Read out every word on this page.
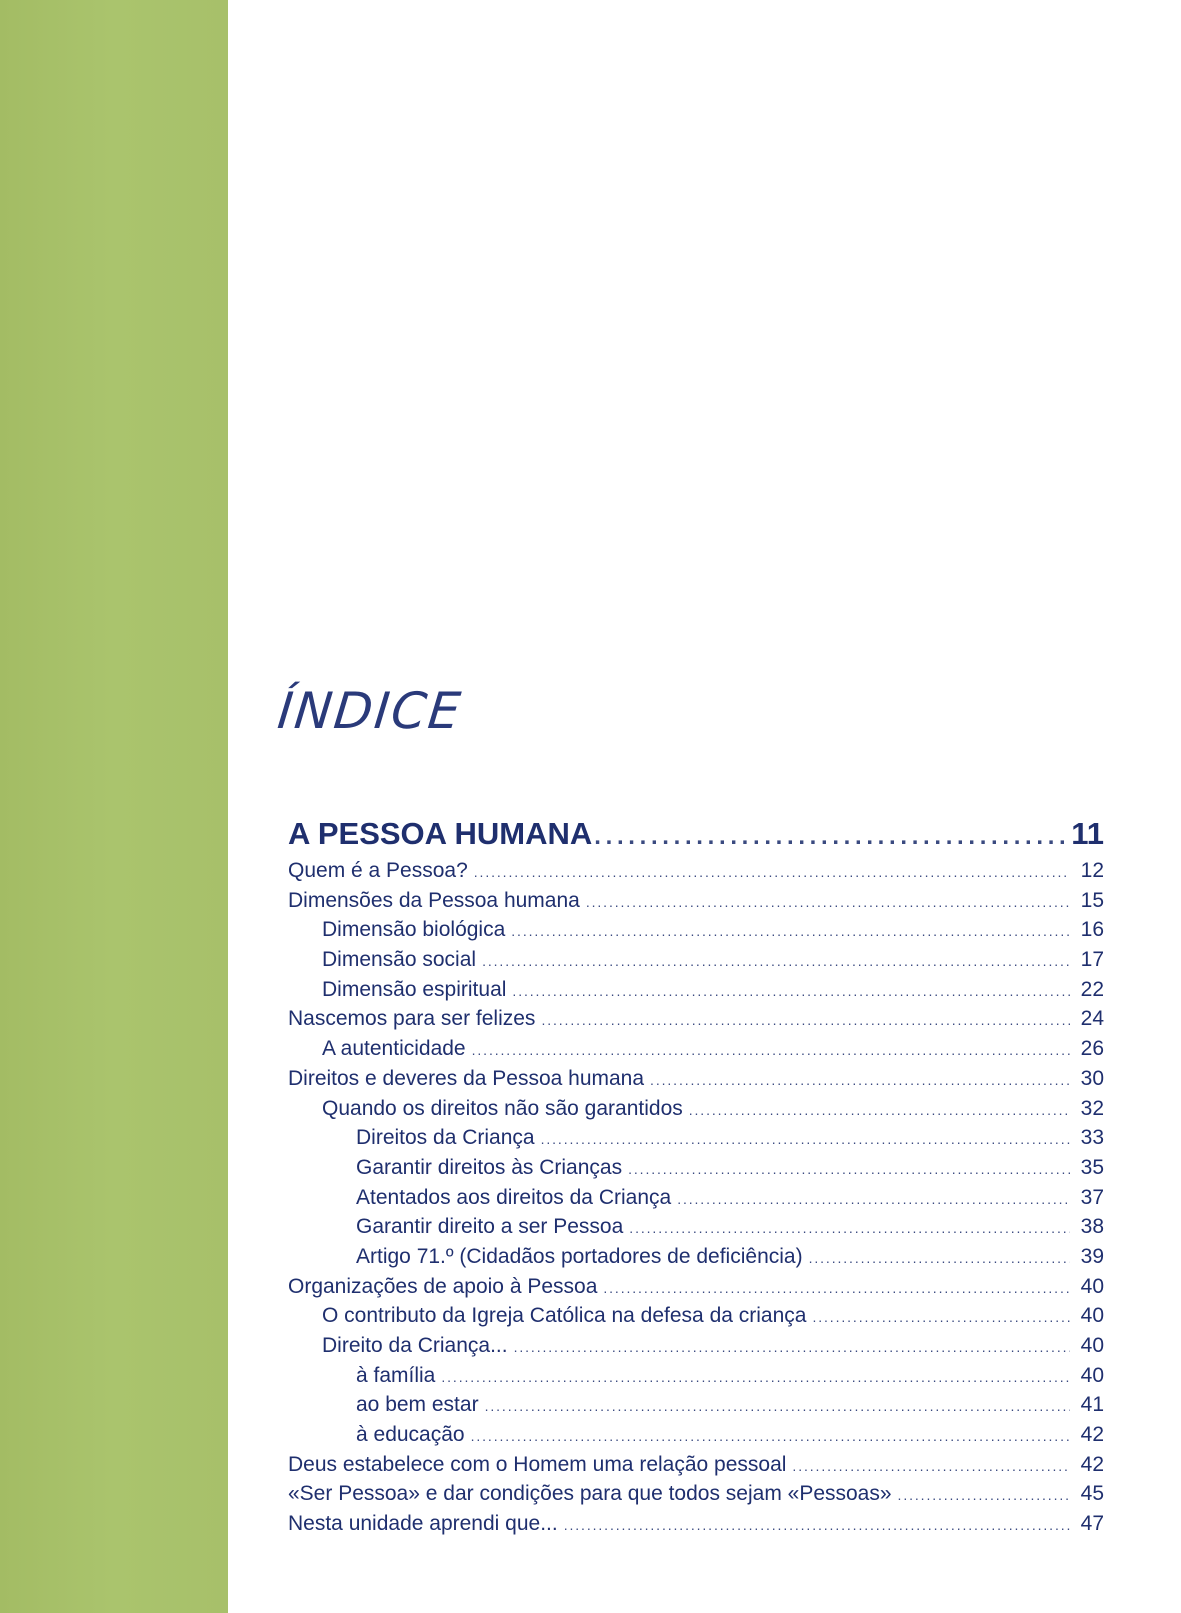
ÍNDICE
A PESSOA HUMANA . . .	11
Quem é a Pessoa? . . .	12
Dimensões da Pessoa humana . . .	15
Dimensão biológica . . .	16
Dimensão social . . .	17
Dimensão espiritual . . .	22
Nascemos para ser felizes . . .	24
A autenticidade . . .	26
Direitos e deveres da Pessoa humana . . .	30
Quando os direitos não são garantidos . . .	32
Direitos da Criança . . .	33
Garantir direitos às Crianças . . .	35
Atentados aos direitos da Criança . . .	37
Garantir direito a ser Pessoa . . .	38
Artigo 71.º (Cidadãos portadores de deficiência) . . .	39
Organizações de apoio à Pessoa . . .	40
O contributo da Igreja Católica na defesa da criança . . .	40
Direito da Criança... . . .	40
à família . . .	40
ao bem estar . . .	41
à educação . . .	42
Deus estabelece com o Homem uma relação pessoal . . .	42
«Ser Pessoa» e dar condições para que todos sejam «Pessoas» . . .	45
Nesta unidade aprendi que... . . .	47
